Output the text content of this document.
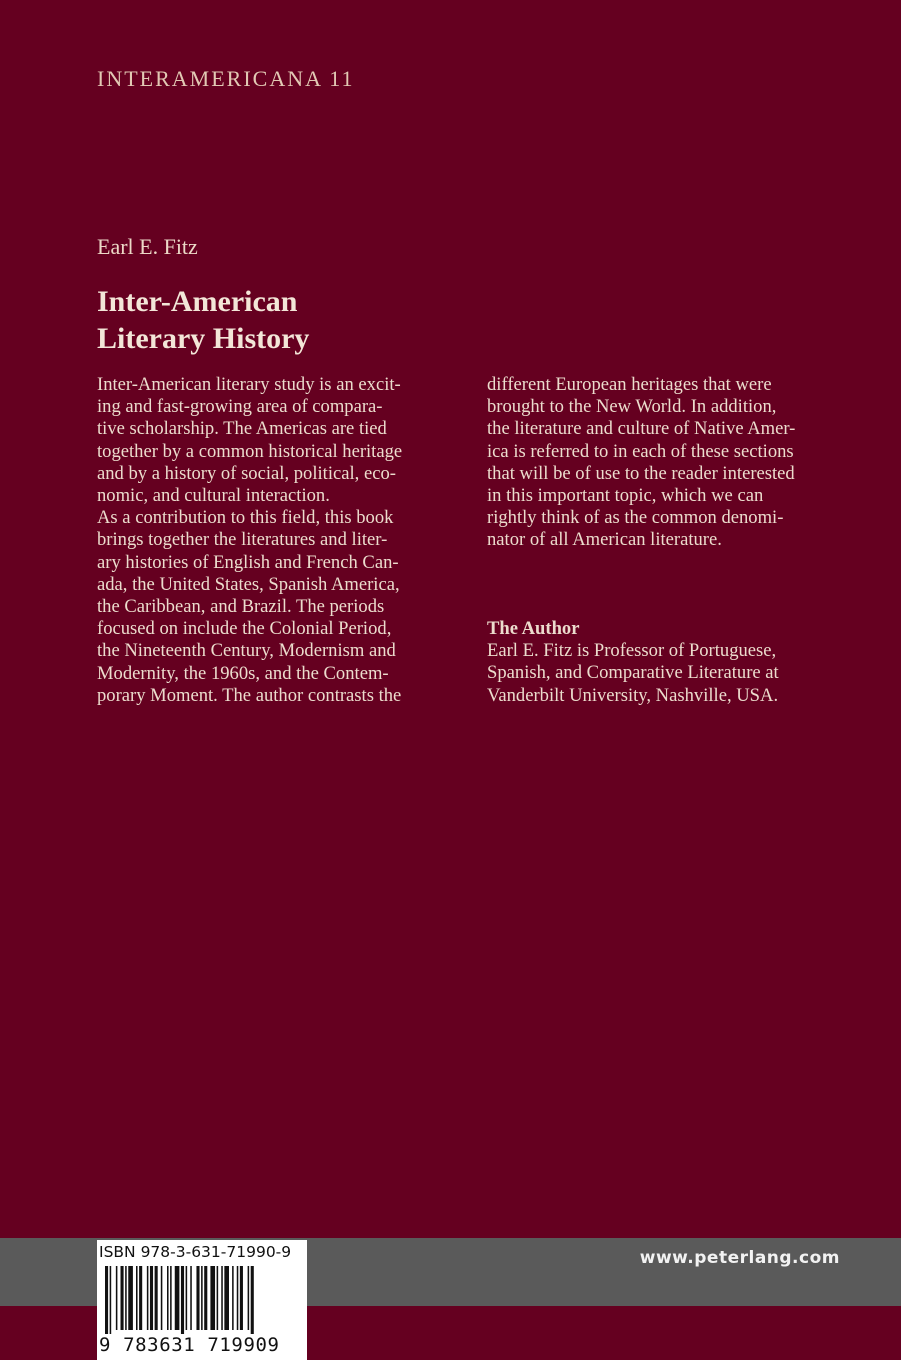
INTERAMERICANA 11
Earl E. Fitz
Inter-American
Literary History
Inter-American literary study is an excit-
ing and fast-growing area of compara-
tive scholarship. The Americas are tied
together by a common historical heritage
and by a history of social, political, eco-
nomic, and cultural interaction.
As a contribution to this field, this book
brings together the literatures and liter-
ary histories of English and French Can-
ada, the United States, Spanish America,
the Caribbean, and Brazil. The periods
focused on include the Colonial Period,
the Nineteenth Century, Modernism and
Modernity, the 1960s, and the Contem-
porary Moment. The author contrasts the
different European heritages that were
brought to the New World. In addition,
the literature and culture of Native Amer-
ica is referred to in each of these sections
that will be of use to the reader interested
in this important topic, which we can
rightly think of as the common denomi-
nator of all American literature.
The Author
Earl E. Fitz is Professor of Portuguese,
Spanish, and Comparative Literature at
Vanderbilt University, Nashville, USA.
www.peterlang.com
ISBN 978-3-631-71990-9
9 783631 719909
